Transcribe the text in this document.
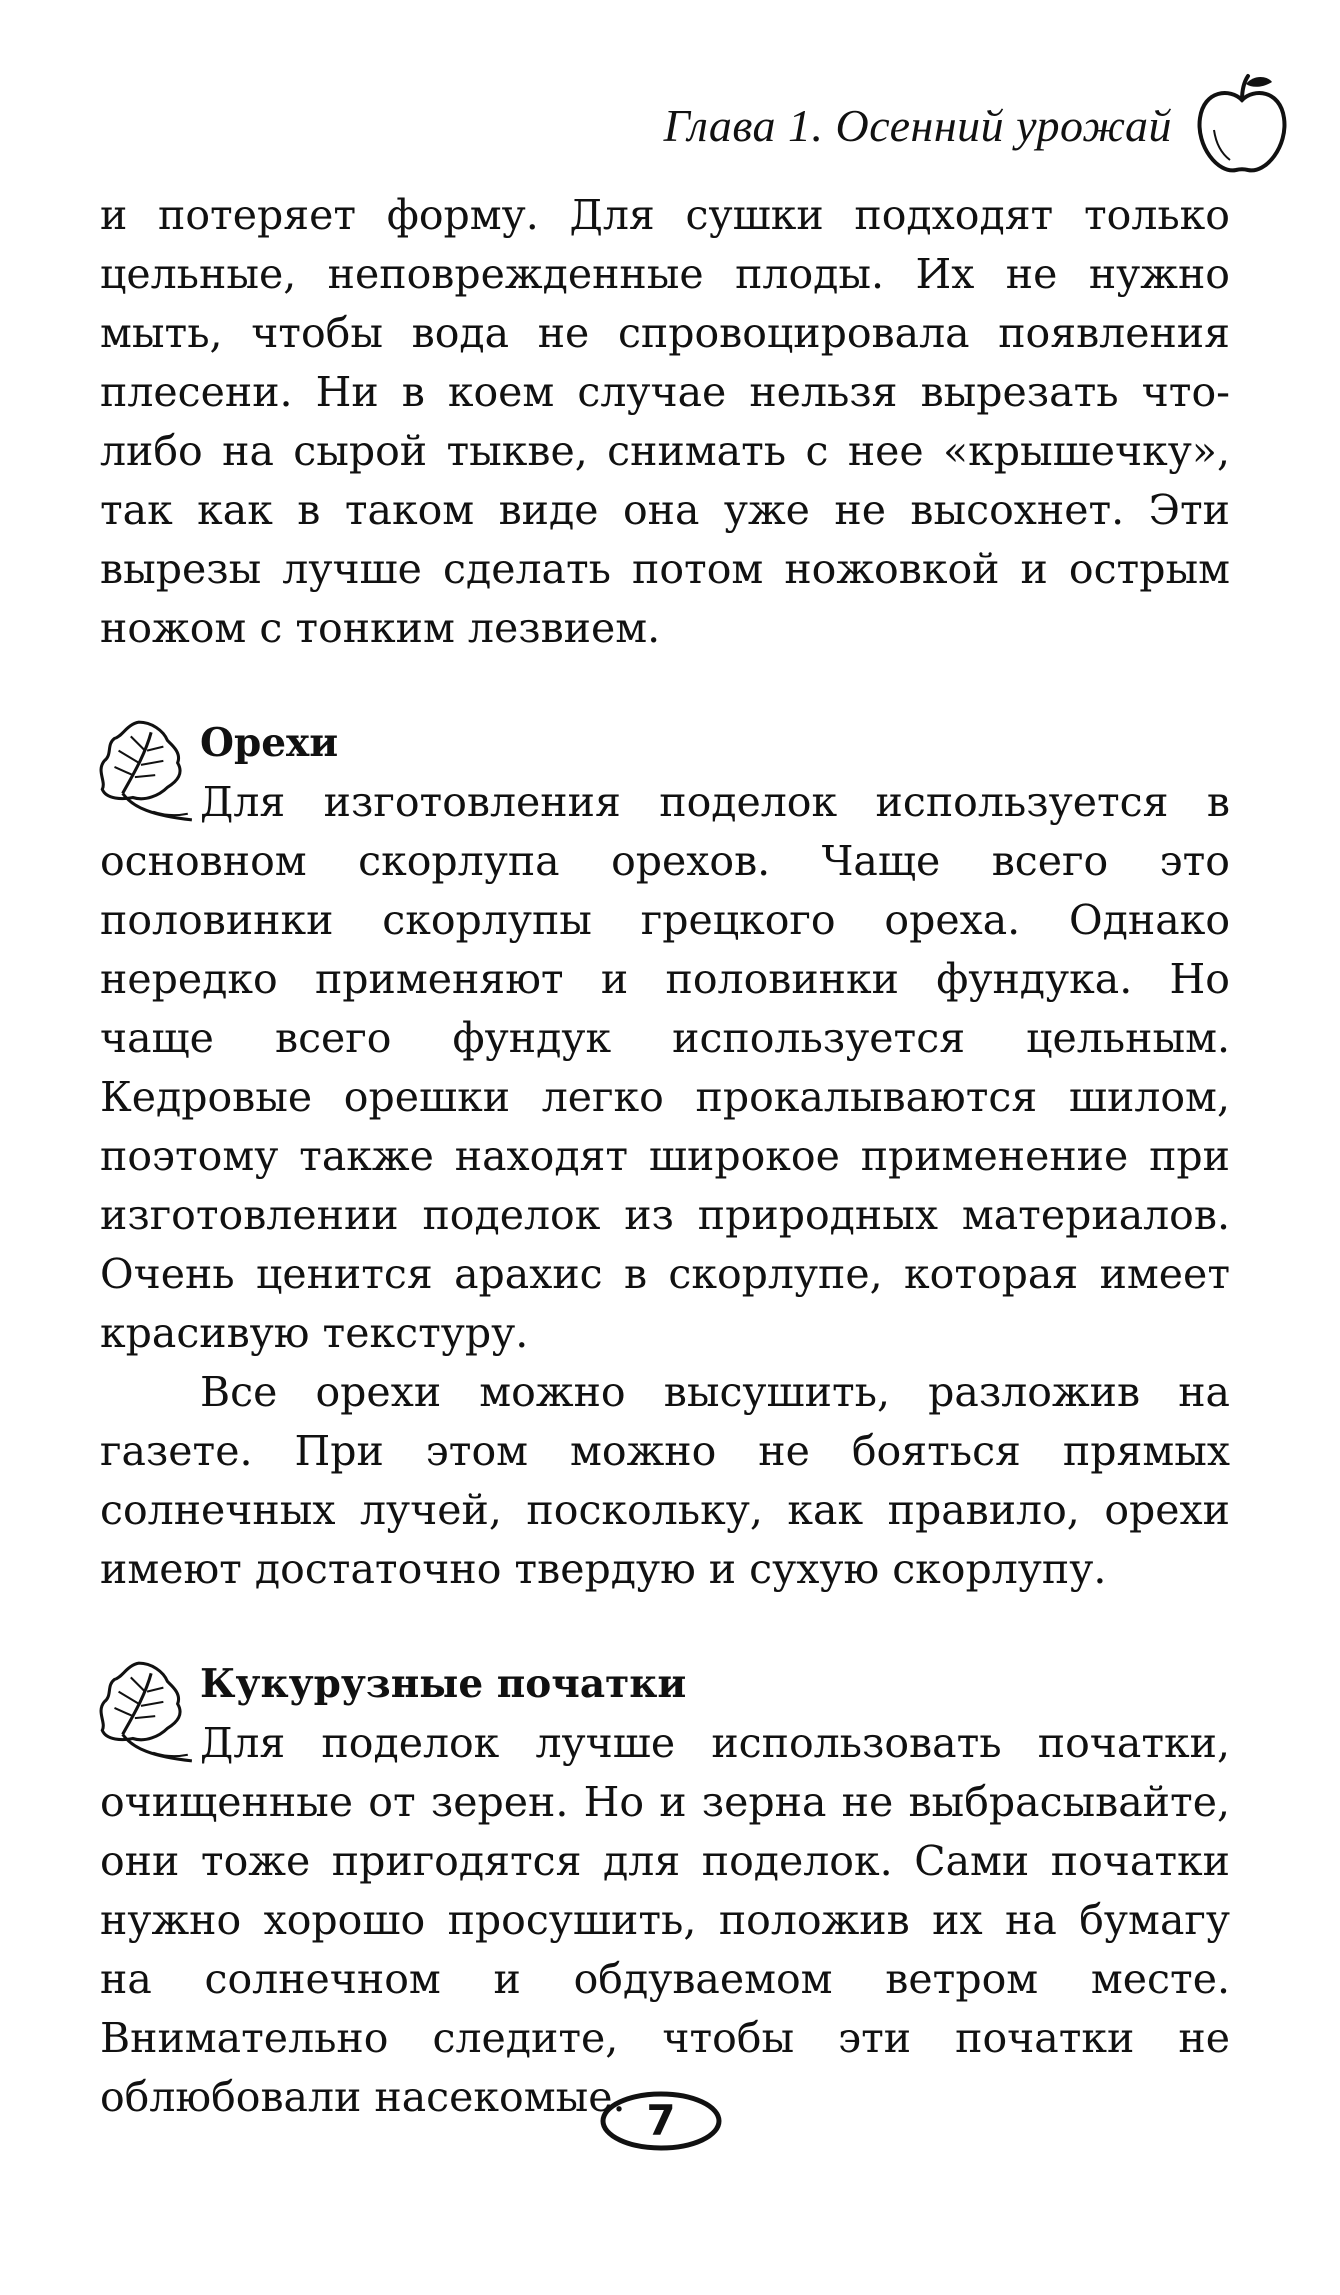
Глава 1. Осенний урожай

и потеряет форму. Для сушки подходят только цельные, неповрежденные плоды. Их не нужно мыть, чтобы вода не спровоцировала появления плесени. Ни в коем случае нельзя вырезать что-либо на сырой тыкве, снимать с нее «крышечку», так как в таком виде она уже не высохнет. Эти вырезы лучше сделать потом ножовкой и острым ножом с тонким лезвием.

Орехи

Для изготовления поделок используется в основном скорлупа орехов. Чаще всего это половинки скорлупы грецкого ореха. Однако нередко применяют и половинки фундука. Но чаще всего фундук используется цельным. Кедровые орешки легко прокалываются шилом, поэтому также находят широкое применение при изготовлении поделок из природных материалов. Очень ценится арахис в скорлупе, которая имеет красивую текстуру.

Все орехи можно высушить, разложив на газете. При этом можно не бояться прямых солнечных лучей, поскольку, как правило, орехи имеют достаточно твердую и сухую скорлупу.

Кукурузные початки

Для поделок лучше использовать початки, очищенные от зерен. Но и зерна не выбрасывайте, они тоже пригодятся для поделок. Сами початки нужно хорошо просушить, положив их на бумагу на солнечном и обдуваемом ветром месте. Внимательно следите, чтобы эти початки не облюбовали насекомые. 7
